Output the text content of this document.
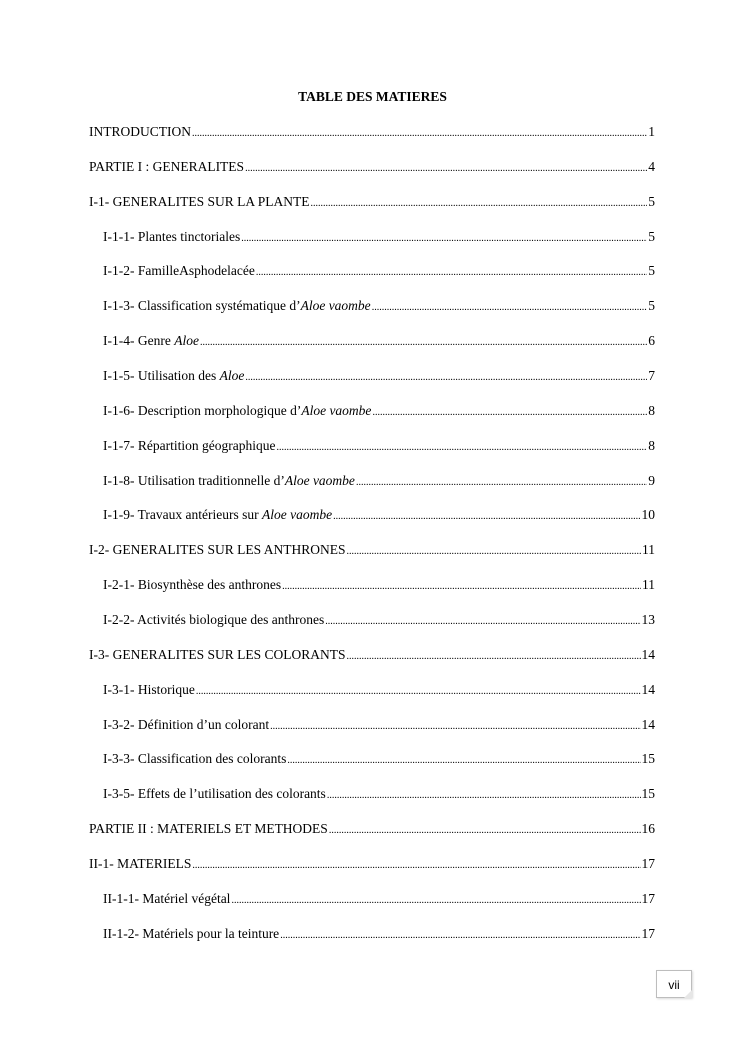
TABLE DES MATIERES
INTRODUCTION .....	1
PARTIE I : GENERALITES .....	4
I-1- GENERALITES SUR LA PLANTE .....	5
I-1-1- Plantes tinctoriales .....	5
I-1-2- FamilleAsphodelacée .....	5
I-1-3- Classification systématique d’Aloe vaombe .....	5
I-1-4- Genre Aloe .....	6
I-1-5- Utilisation des Aloe .....	7
I-1-6- Description morphologique d’Aloe vaombe .....	8
I-1-7- Répartition géographique .....	8
I-1-8- Utilisation traditionnelle d’Aloe vaombe .....	9
I-1-9- Travaux antérieurs sur Aloe vaombe .....	10
I-2- GENERALITES SUR LES ANTHRONES .....	11
I-2-1- Biosynthèse des anthrones .....	11
I-2-2- Activités biologique des anthrones .....	13
I-3- GENERALITES SUR LES COLORANTS .....	14
I-3-1- Historique .....	14
I-3-2- Définition d’un colorant .....	14
I-3-3- Classification des colorants .....	15
I-3-5- Effets de l’utilisation des colorants .....	15
PARTIE II : MATERIELS ET METHODES .....	16
II-1- MATERIELS .....	17
II-1-1- Matériel végétal .....	17
II-1-2- Matériels pour la teinture .....	17
vii
